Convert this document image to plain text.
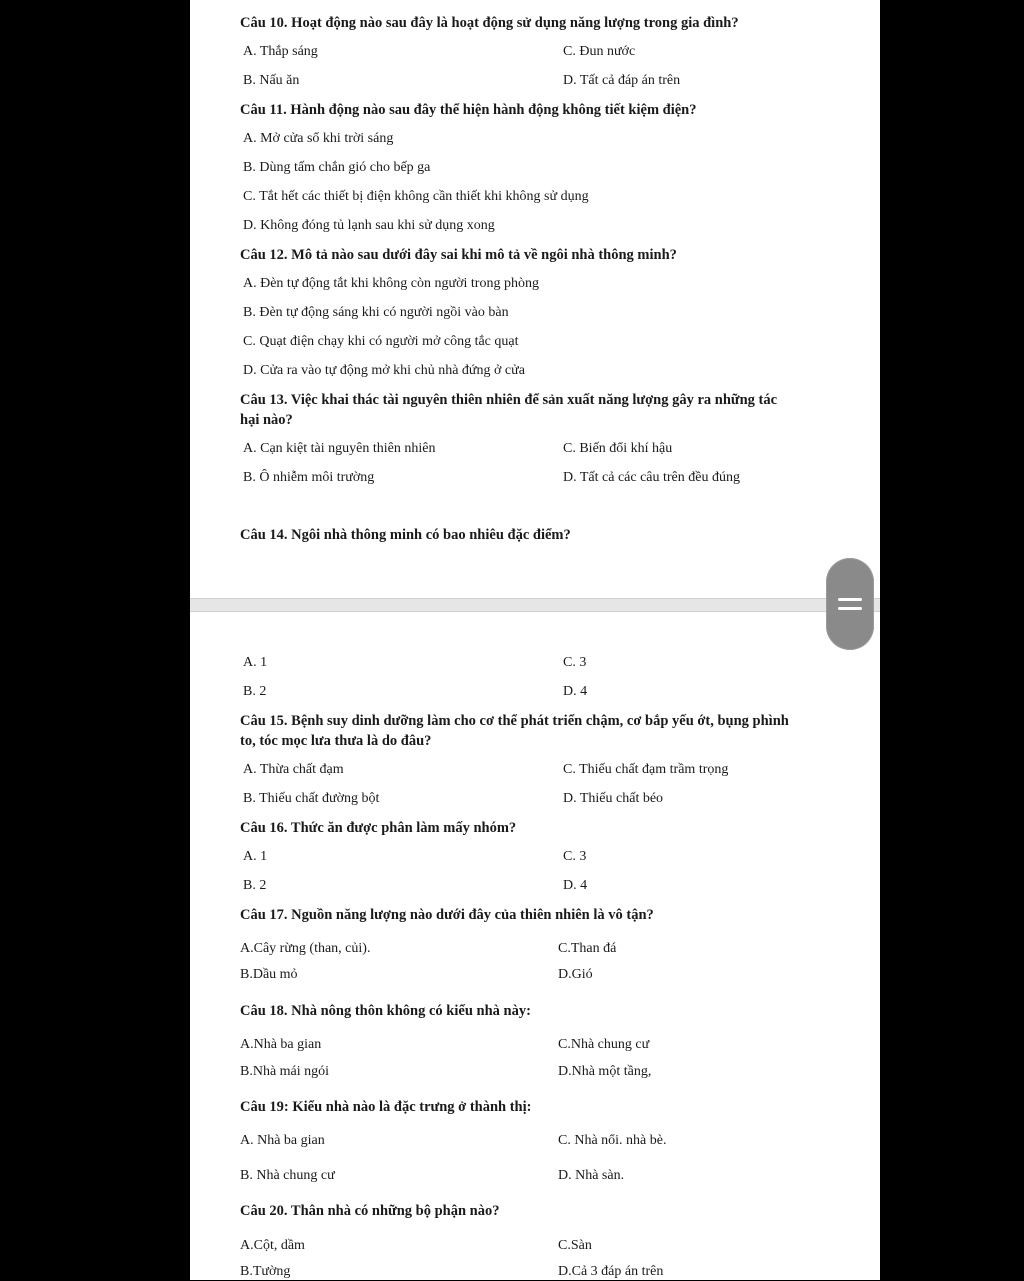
Câu 10. Hoạt động nào sau đây là hoạt động sử dụng năng lượng trong gia đình?
A. Thắp sáng	C. Đun nước
B. Nấu ăn	D. Tất cả đáp án trên
Câu 11. Hành động nào sau đây thể hiện hành động không tiết kiệm điện?
A. Mở cửa sổ khi trời sáng
B. Dùng tấm chắn gió cho bếp ga
C. Tắt hết các thiết bị điện không cần thiết khi không sử dụng
D. Không đóng tủ lạnh sau khi sử dụng xong
Câu 12. Mô tả nào sau dưới đây sai khi mô tả về ngôi nhà thông minh?
A. Đèn tự động tắt khi không còn người trong phòng
B. Đèn tự động sáng khi có người ngồi vào bàn
C. Quạt điện chạy khi có người mở công tắc quạt
D. Cửa ra vào tự động mở khi chủ nhà đứng ở cửa
Câu 13. Việc khai thác tài nguyên thiên nhiên để sản xuất năng lượng gây ra những tác
hại nào?
A. Cạn kiệt tài nguyên thiên nhiên	C. Biến đổi khí hậu
B. Ô nhiễm môi trường	D. Tất cả các câu trên đều đúng
Câu 14. Ngôi nhà thông minh có bao nhiêu đặc điểm?
A. 1	C. 3
B. 2	D. 4
Câu 15. Bệnh suy dinh dưỡng làm cho cơ thể phát triển chậm, cơ bắp yếu ớt, bụng phình
to, tóc mọc lưa thưa là do đâu?
A. Thừa chất đạm	C. Thiếu chất đạm trầm trọng
B. Thiếu chất đường bột	D. Thiếu chất béo
Câu 16. Thức ăn được phân làm mấy nhóm?
A. 1	C. 3
B. 2	D. 4
Câu 17. Nguồn năng lượng nào dưới đây của thiên nhiên là vô tận?
A.Cây rừng (than, củi).	C.Than đá
B.Dầu mỏ	D.Gió
Câu 18. Nhà nông thôn không có kiểu nhà này:
A.Nhà ba gian	C.Nhà chung cư
B.Nhà mái ngói	D.Nhà một tầng,
Câu 19: Kiểu nhà nào là đặc trưng ở thành thị:
A. Nhà ba gian	C. Nhà nổi. nhà bè.
B. Nhà chung cư	D. Nhà sàn.
Câu 20. Thân nhà có những bộ phận nào?
A.Cột, dầm	C.Sàn
B.Tường	D.Cả 3 đáp án trên
